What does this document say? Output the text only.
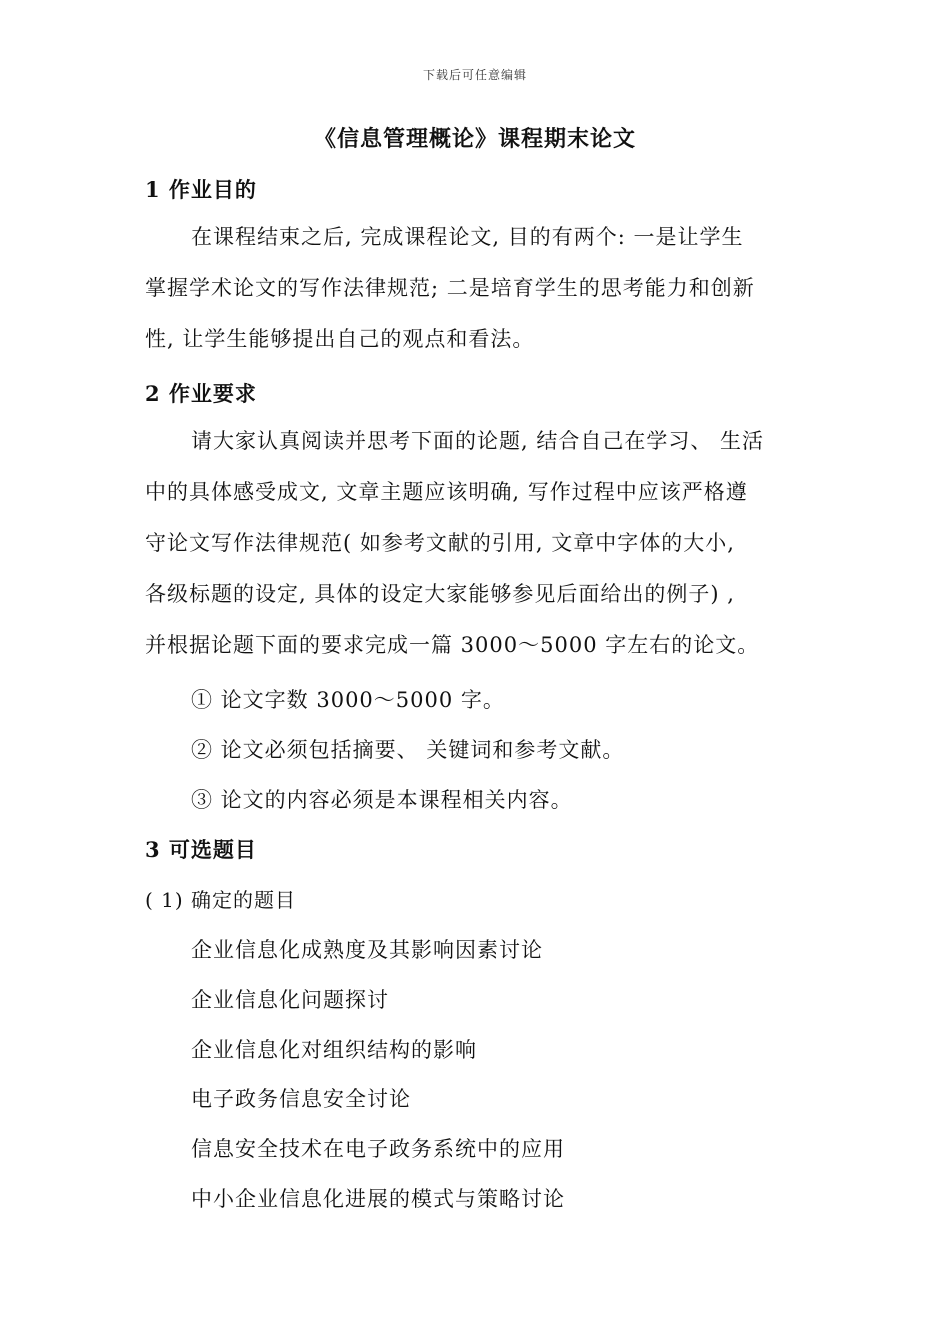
下载后可任意编辑
《信息管理概论》课程期末论文
1 作业目的
在课程结束之后, 完成课程论文, 目的有两个: 一是让学生
掌握学术论文的写作法律规范; 二是培育学生的思考能力和创新
性, 让学生能够提出自己的观点和看法。
2 作业要求
请大家认真阅读并思考下面的论题, 结合自己在学习、 生活
中的具体感受成文, 文章主题应该明确, 写作过程中应该严格遵
守论文写作法律规范( 如参考文献的引用, 文章中字体的大小,
各级标题的设定, 具体的设定大家能够参见后面给出的例子) ,
并根据论题下面的要求完成一篇 3000～5000 字左右的论文。
① 论文字数 3000～5000 字。
② 论文必须包括摘要、 关键词和参考文献。
③ 论文的内容必须是本课程相关内容。
3 可选题目
( 1) 确定的题目
企业信息化成熟度及其影响因素讨论
企业信息化问题探讨
企业信息化对组织结构的影响
电子政务信息安全讨论
信息安全技术在电子政务系统中的应用
中小企业信息化进展的模式与策略讨论
